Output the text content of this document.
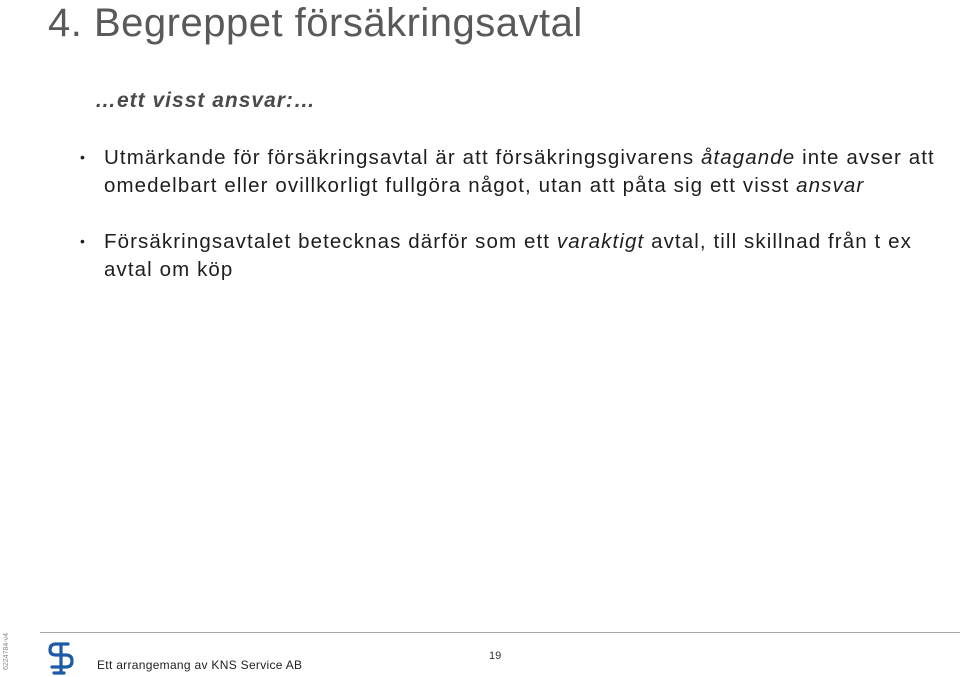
4. Begreppet försäkringsavtal
…ett visst ansvar:…
• Utmärkande för försäkringsavtal är att försäkringsgivarens åtagande inte avser att omedelbart eller ovillkorligt fullgöra något, utan att påta sig ett visst ansvar
• Försäkringsavtalet betecknas därför som ett varaktigt avtal, till skillnad från t ex avtal om köp
6224784-v4	Ett arrangemang av KNS Service AB
19
